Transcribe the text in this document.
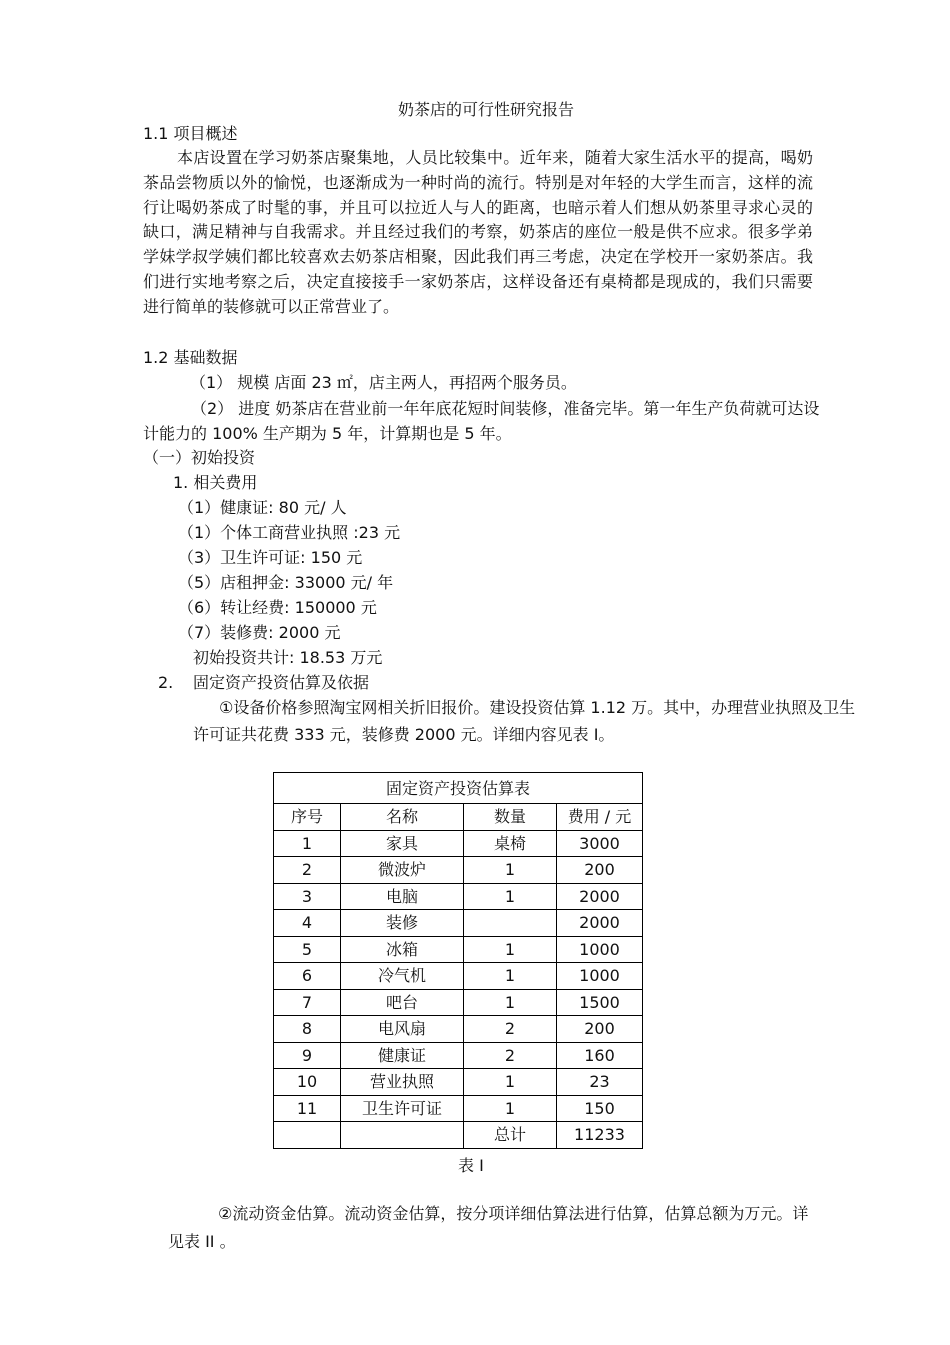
奶茶店的可行性研究报告
1.1 项目概述

本店设置在学习奶茶店聚集地，人员比较集中。近年来，随着大家生活水平的提高，喝奶茶品尝物质以外的愉悦，也逐渐成为一种时尚的流行。特别是对年轻的大学生而言，这样的流行让喝奶茶成了时髦的事，并且可以拉近人与人的距离，也暗示着人们想从奶茶里寻求心灵的缺口，满足精神与自我需求。并且经过我们的考察，奶茶店的座位一般是供不应求。很多学弟学妹学叔学姨们都比较喜欢去奶茶店相聚，因此我们再三考虑，决定在学校开一家奶茶店。我们进行实地考察之后，决定直接接手一家奶茶店，这样设备还有桌椅都是现成的，我们只需要进行简单的装修就可以正常营业了。

1.2 基础数据
（1） 规模 店面 23 ㎡，店主两人，再招两个服务员。

（2） 进度 奶茶店在营业前一年年底花短时间装修，准备完毕。第一年生产负荷就可达设计能力的 100% 生产期为 5 年，计算期也是 5 年。

（一）初始投资
1. 相关费用
（1）健康证: 80 元/ 人
（1）个体工商营业执照 :23 元
（3）卫生许可证: 150 元
（5）店租押金: 33000 元/ 年
（6）转让经费: 150000 元
（7）装修费: 2000 元
初始投资共计: 18.53 万元
2. 固定资产投资估算及依据

①设备价格参照淘宝网相关折旧报价。建设投资估算 1.12 万。其中，办理营业执照及卫生许可证共花费 333 元，装修费 2000 元。详细内容见表 I。

固定资产投资估算表			
序号	名称	数量	费用 / 元
1	家具	桌椅	3000
2	微波炉	1	200
3	电脑	1	2000
4	装修		2000
5	冰箱	1	1000
6	冷气机	1	1000
7	吧台	1	1500
8	电风扇	2	200
9	健康证	2	160
10	营业执照	1	23
11	卫生许可证	1	150
		总计	11233
表 I

②流动资金估算。流动资金估算，按分项详细估算法进行估算，估算总额为万元。详见表 II 。
